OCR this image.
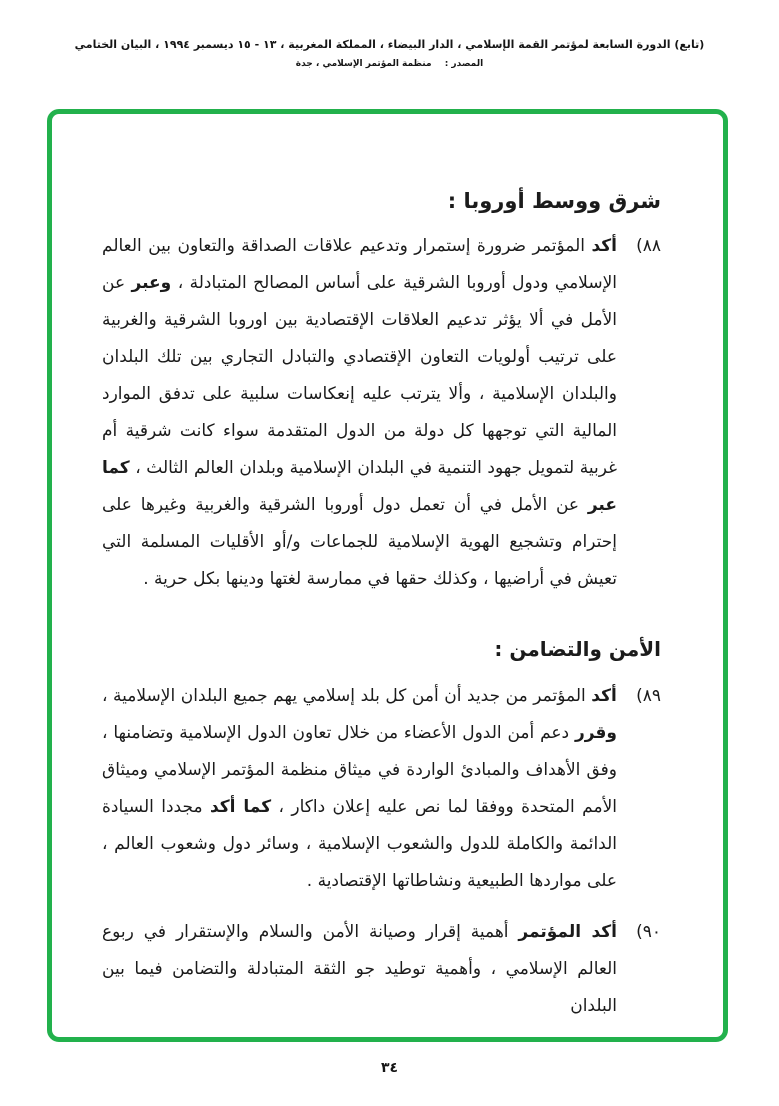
(تابع) الدورة السابعة لمؤتمر القمة الإسلامي ، الدار البيضاء ، المملكة المغربية ، ١٣ - ١٥ ديسمبر ١٩٩٤ ، البيان الختامي
المصدر : منظمة المؤتمر الإسلامي ، جدة
شرق ووسط أوروبا :
٨٨)

أكد المؤتمر ضرورة إستمرار وتدعيم علاقات الصداقة والتعاون بين العالم الإسلامي ودول أوروبا الشرقية على أساس المصالح المتبادلة ، وعبر عن الأمل في ألا يؤثر تدعيم العلاقات الإقتصادية بين اوروبا الشرقية والغربية على ترتيب أولويات التعاون الإقتصادي والتبادل التجاري بين تلك البلدان والبلدان الإسلامية ، وألا يترتب عليه إنعكاسات سلبية على تدفق الموارد المالية التي توجهها كل دولة من الدول المتقدمة سواء كانت شرقية أم غربية لتمويل جهود التنمية في البلدان الإسلامية وبلدان العالم الثالث ، كما عبر عن الأمل في أن تعمل دول أوروبا الشرقية والغربية وغيرها على إحترام وتشجيع الهوية الإسلامية للجماعات و/أو الأقليات المسلمة التي تعيش في أراضيها ، وكذلك حقها في ممارسة لغتها ودينها بكل حرية .

الأمن والتضامن :
٨٩)

أكد المؤتمر من جديد أن أمن كل بلد إسلامي يهم جميع البلدان الإسلامية ، وقرر دعم أمن الدول الأعضاء من خلال تعاون الدول الإسلامية وتضامنها ، وفق الأهداف والمبادئ الواردة في ميثاق منظمة المؤتمر الإسلامي وميثاق الأمم المتحدة ووفقا لما نص عليه إعلان داكار ، كما أكد مجددا السيادة الدائمة والكاملة للدول والشعوب الإسلامية ، وسائر دول وشعوب العالم ، على مواردها الطبيعية ونشاطاتها الإقتصادية .

٩٠)

أكد المؤتمر أهمية إقرار وصيانة الأمن والسلام والإستقرار في ربوع العالم الإسلامي ، وأهمية توطيد جو الثقة المتبادلة والتضامن فيما بين البلدان

٣٤
